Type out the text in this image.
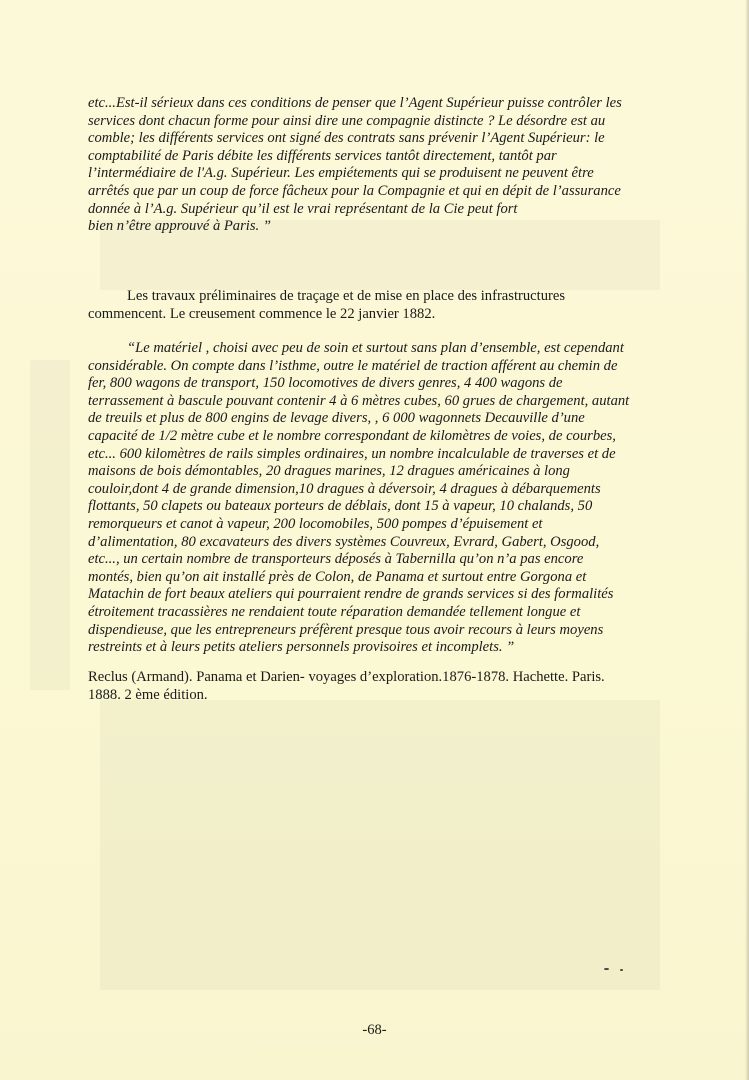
etc...Est-il sérieux dans ces conditions de penser que l’Agent Supérieur puisse contrôler les
services dont chacun forme pour ainsi dire une compagnie distincte ? Le désordre est au
comble; les différents services ont signé des contrats sans prévenir l’Agent Supérieur: le
comptabilité de Paris débite les différents services tantôt directement, tantôt par
l’intermédiaire de l'A.g. Supérieur. Les empiétements qui se produisent ne peuvent être
arrêtés que par un coup de force fâcheux pour la Compagnie et qui en dépit de l’assurance
donnée à l’A.g. Supérieur qu’il est le vrai représentant de la Cie peut fort
bien n’être approuvé à Paris. ”
Les travaux préliminaires de traçage et de mise en place des infrastructures
commencent. Le creusement commence le 22 janvier 1882.
“Le matériel , choisi avec peu de soin et surtout sans plan d’ensemble, est cependant
considérable. On compte dans l’isthme, outre le matériel de traction afférent au chemin de
fer, 800 wagons de transport, 150 locomotives de divers genres, 4 400 wagons de
terrassement à bascule pouvant contenir 4 à 6 mètres cubes, 60 grues de chargement, autant
de treuils et plus de 800 engins de levage divers, , 6 000 wagonnets Decauville d’une
capacité de 1/2 mètre cube et le nombre correspondant de kilomètres de voies, de courbes,
etc... 600 kilomètres de rails simples ordinaires, un nombre incalculable de traverses et de
maisons de bois démontables, 20 dragues marines, 12 dragues américaines à long
couloir,dont 4 de grande dimension,10 dragues à déversoir, 4 dragues à débarquements
flottants, 50 clapets ou bateaux porteurs de déblais, dont 15 à vapeur, 10 chalands, 50
remorqueurs et canot à vapeur, 200 locomobiles, 500 pompes d’épuisement et
d’alimentation, 80 excavateurs des divers systèmes Couvreux, Evrard, Gabert, Osgood,
etc..., un certain nombre de transporteurs déposés à Tabernilla qu’on n’a pas encore
montés, bien qu’on ait installé près de Colon, de Panama et surtout entre Gorgona et
Matachin de fort beaux ateliers qui pourraient rendre de grands services si des formalités
étroitement tracassières ne rendaient toute réparation demandée tellement longue et
dispendieuse, que les entrepreneurs préfèrent presque tous avoir recours à leurs moyens
restreints et à leurs petits ateliers personnels provisoires et incomplets. ”
Reclus (Armand). Panama et Darien- voyages d’exploration.1876-1878. Hachette. Paris.
1888. 2 ème édition.
-68-
